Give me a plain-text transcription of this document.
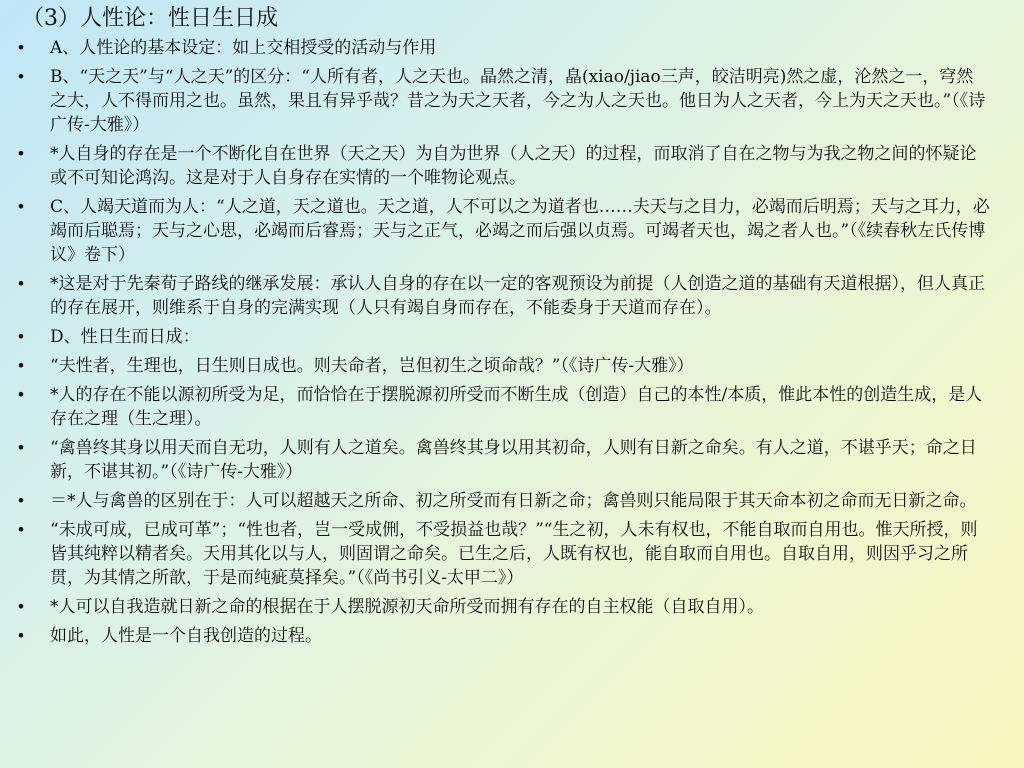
（3）人性论：性日生日成
• A、人性论的基本设定：如上交相授受的活动与作用
• B、“天之天”与“人之天”的区分：“人所有者，人之天也。晶然之清，皛(xiao/jiao三声，皎洁明亮)然之虚，沦然之一，穹然之大，人不得而用之也。虽然，果且有异乎哉？昔之为天之天者，今之为人之天也。他日为人之天者，今上为天之天也。”（《诗广传-大雅》）
• *人自身的存在是一个不断化自在世界（天之天）为自为世界（人之天）的过程，而取消了自在之物与为我之物之间的怀疑论或不可知论鸿沟。这是对于人自身存在实情的一个唯物论观点。
• C、人竭天道而为人：“人之道，天之道也。天之道，人不可以之为道者也……夫天与之目力，必竭而后明焉；天与之耳力，必竭而后聪焉；天与之心思，必竭而后睿焉；天与之正气，必竭之而后强以贞焉。可竭者天也，竭之者人也。”（《续春秋左氏传博议》卷下）
• *这是对于先秦荀子路线的继承发展：承认人自身的存在以一定的客观预设为前提（人创造之道的基础有天道根据），但人真正的存在展开，则维系于自身的完满实现（人只有竭自身而存在，不能委身于天道而存在）。
• D、性日生而日成：
• “夫性者，生理也，日生则日成也。则夫命者，岂但初生之顷命哉？”（《诗广传-大雅》）
• *人的存在不能以源初所受为足，而恰恰在于摆脱源初所受而不断生成（创造）自己的本性/本质，惟此本性的创造生成，是人存在之理（生之理）。
• “禽兽终其身以用天而自无功，人则有人之道矣。禽兽终其身以用其初命，人则有日新之命矣。有人之道，不谌乎天；命之日新，不谌其初。”（《诗广传-大雅》）
• ＝*人与禽兽的区别在于：人可以超越天之所命、初之所受而有日新之命；禽兽则只能局限于其天命本初之命而无日新之命。
• “未成可成，已成可革”；“性也者，岂一受成侀，不受损益也哉？”“生之初，人未有权也，不能自取而自用也。惟天所授，则皆其纯粹以精者矣。天用其化以与人，则固谓之命矣。已生之后，人既有权也，能自取而自用也。自取自用，则因乎习之所贯，为其情之所歆，于是而纯疵莫择矣。”（《尚书引义-太甲二》）
• *人可以自我造就日新之命的根据在于人摆脱源初天命所受而拥有存在的自主权能（自取自用）。
• 如此，人性是一个自我创造的过程。
